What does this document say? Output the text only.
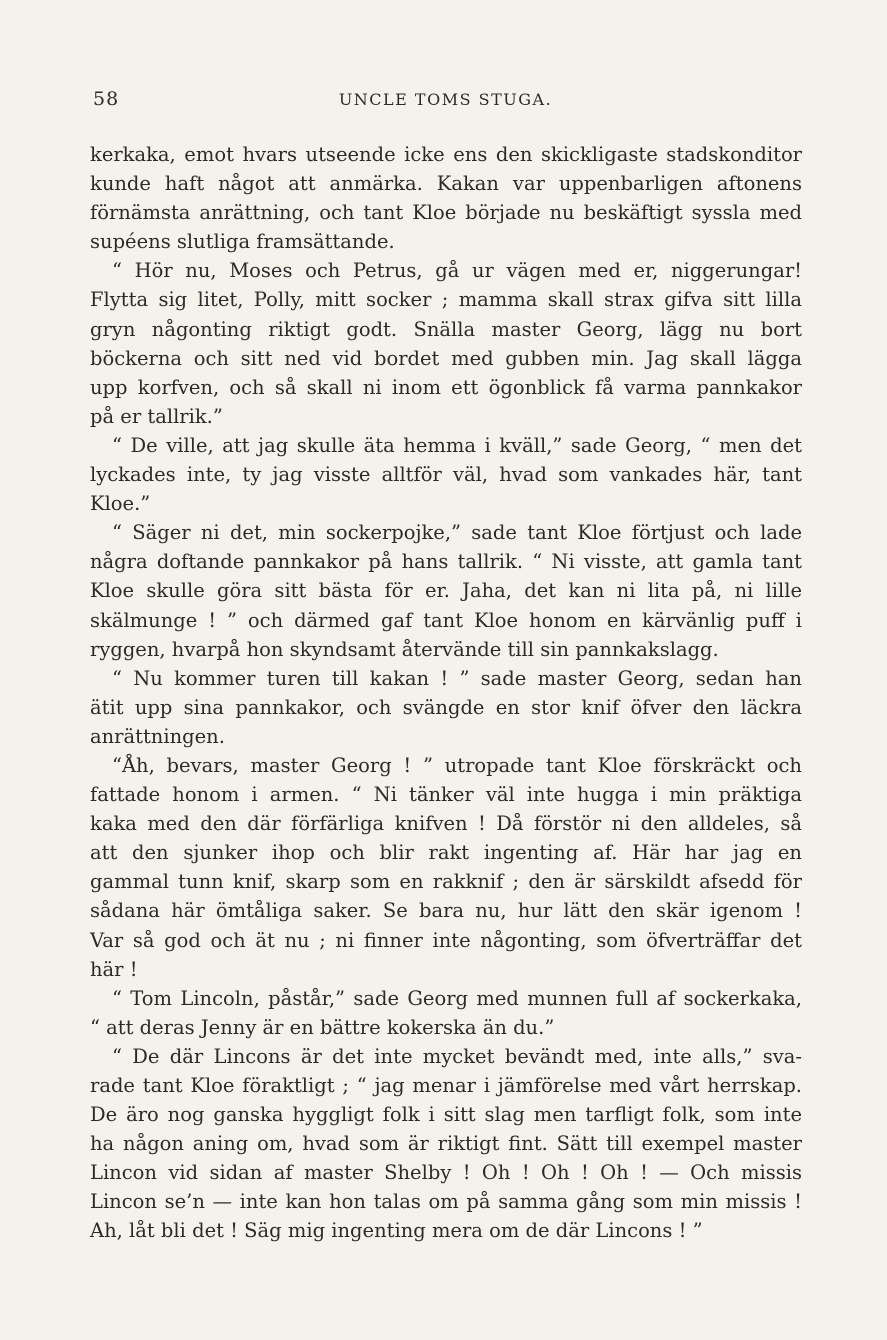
58	UNCLE TOMS STUGA.
kerkaka, emot hvars utseende icke ens den skickligaste stadskonditor
kunde haft något att anmärka. Kakan var uppenbarligen aftonens
förnämsta anrättning, och tant Kloe började nu beskäftigt syssla med
supéens slutliga framsättande.
“ Hör nu, Moses och Petrus, gå ur vägen med er, niggerungar!
Flytta sig litet, Polly, mitt socker ; mamma skall strax gifva sitt lilla
gryn någonting riktigt godt. Snälla master Georg, lägg nu bort
böckerna och sitt ned vid bordet med gubben min. Jag skall lägga
upp korfven, och så skall ni inom ett ögonblick få varma pannkakor
på er tallrik.”
“ De ville, att jag skulle äta hemma i kväll,” sade Georg, “ men det
lyckades inte, ty jag visste alltför väl, hvad som vankades här, tant
Kloe.”
“ Säger ni det, min sockerpojke,” sade tant Kloe förtjust och lade
några doftande pannkakor på hans tallrik. “ Ni visste, att gamla tant
Kloe skulle göra sitt bästa för er. Jaha, det kan ni lita på, ni lille
skälmunge ! ” och därmed gaf tant Kloe honom en kärvänlig puff i
ryggen, hvarpå hon skyndsamt återvände till sin pannkakslagg.
“ Nu kommer turen till kakan ! ” sade master Georg, sedan han
ätit upp sina pannkakor, och svängde en stor knif öfver den läckra
anrättningen.
“Åh, bevars, master Georg ! ” utropade tant Kloe förskräckt och
fattade honom i armen. “ Ni tänker väl inte hugga i min präktiga
kaka med den där förfärliga knifven ! Då förstör ni den alldeles, så
att den sjunker ihop och blir rakt ingenting af. Här har jag en
gammal tunn knif, skarp som en rakknif ; den är särskildt afsedd för
sådana här ömtåliga saker. Se bara nu, hur lätt den skär igenom !
Var så god och ät nu ; ni finner inte någonting, som öfverträffar det
här !
“ Tom Lincoln, påstår,” sade Georg med munnen full af sockerkaka,
“ att deras Jenny är en bättre kokerska än du.”
“ De där Lincons är det inte mycket bevändt med, inte alls,” sva-
rade tant Kloe föraktligt ; “ jag menar i jämförelse med vårt herrskap.
De äro nog ganska hyggligt folk i sitt slag men tarfligt folk, som inte
ha någon aning om, hvad som är riktigt fint. Sätt till exempel master
Lincon vid sidan af master Shelby ! Oh ! Oh ! Oh ! — Och missis
Lincon se’n — inte kan hon talas om på samma gång som min missis !
Ah, låt bli det ! Säg mig ingenting mera om de där Lincons ! ”
